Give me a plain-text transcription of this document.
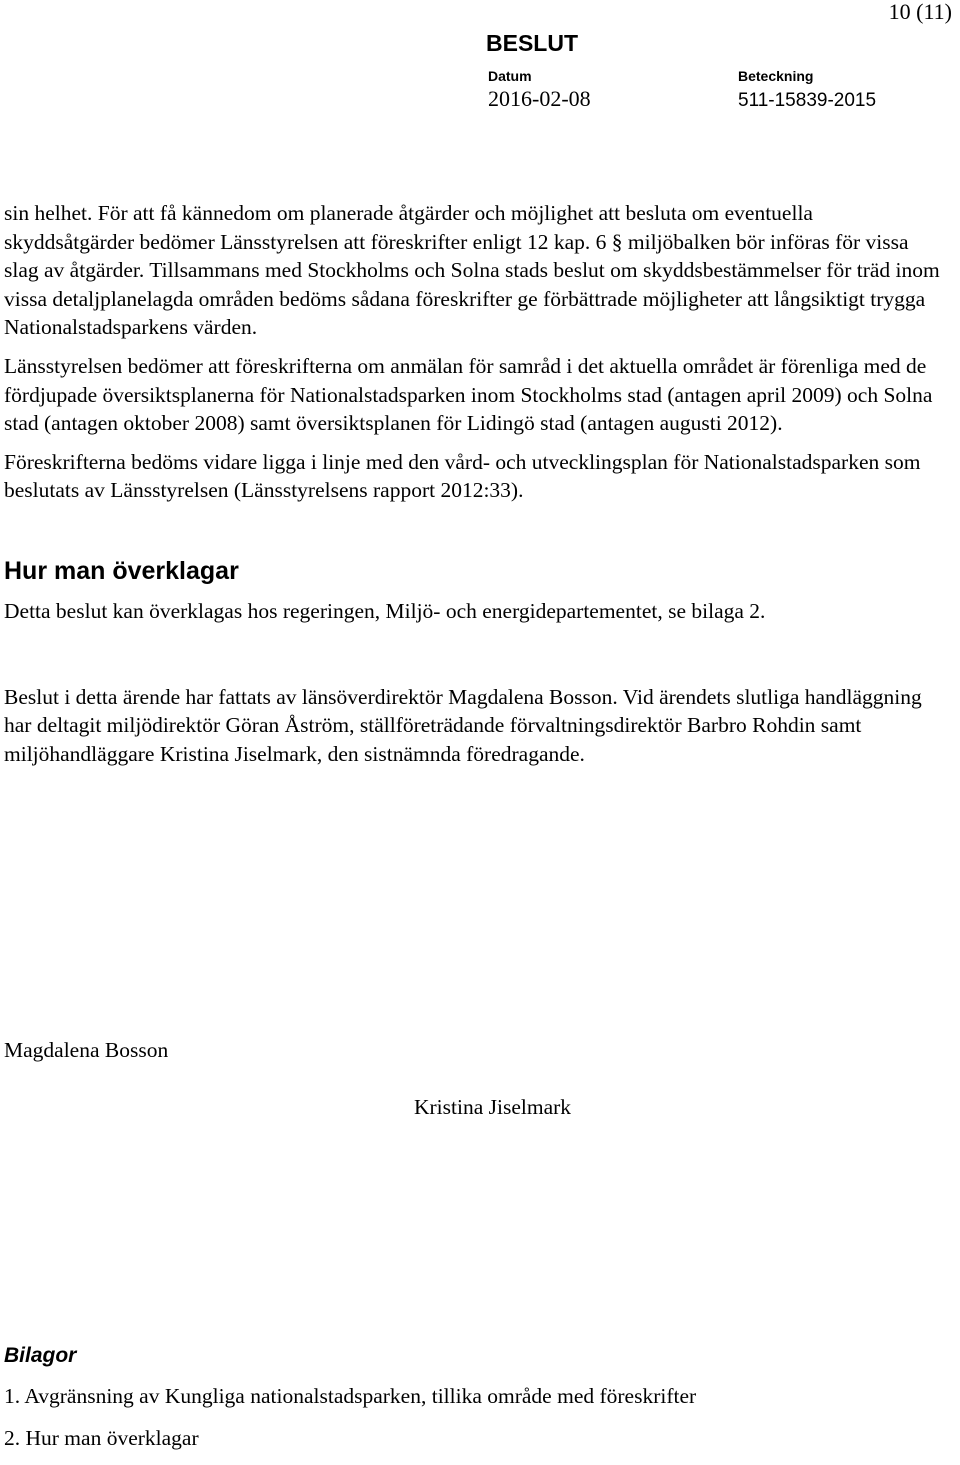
10 (11)
BESLUT
Datum
2016-02-08
Beteckning
511-15839-2015

sin helhet. För att få kännedom om planerade åtgärder och möjlighet att besluta om eventuella skyddsåtgärder bedömer Länsstyrelsen att föreskrifter enligt 12 kap. 6 § miljöbalken bör införas för vissa slag av åtgärder. Tillsammans med Stockholms och Solna stads beslut om skyddsbestämmelser för träd inom vissa detaljplanelagda områden bedöms sådana föreskrifter ge förbättrade möjligheter att långsiktigt trygga Nationalstadsparkens värden.

Länsstyrelsen bedömer att föreskrifterna om anmälan för samråd i det aktuella området är förenliga med de fördjupade översiktsplanerna för Nationalstadsparken inom Stockholms stad (antagen april 2009) och Solna stad (antagen oktober 2008) samt översiktsplanen för Lidingö stad (antagen augusti 2012).

Föreskrifterna bedöms vidare ligga i linje med den vård- och utvecklingsplan för Nationalstadsparken som beslutats av Länsstyrelsen (Länsstyrelsens rapport 2012:33).

Hur man överklagar

Detta beslut kan överklagas hos regeringen, Miljö- och energidepartementet, se bilaga 2.

Beslut i detta ärende har fattats av länsöverdirektör Magdalena Bosson. Vid ärendets slutliga handläggning har deltagit miljödirektör Göran Åström, ställföreträdande förvaltningsdirektör Barbro Rohdin samt miljöhandläggare Kristina Jiselmark, den sistnämnda föredragande.

Magdalena Bosson
Kristina Jiselmark
Bilagor
1. Avgränsning av Kungliga nationalstadsparken, tillika område med föreskrifter
2. Hur man överklagar
